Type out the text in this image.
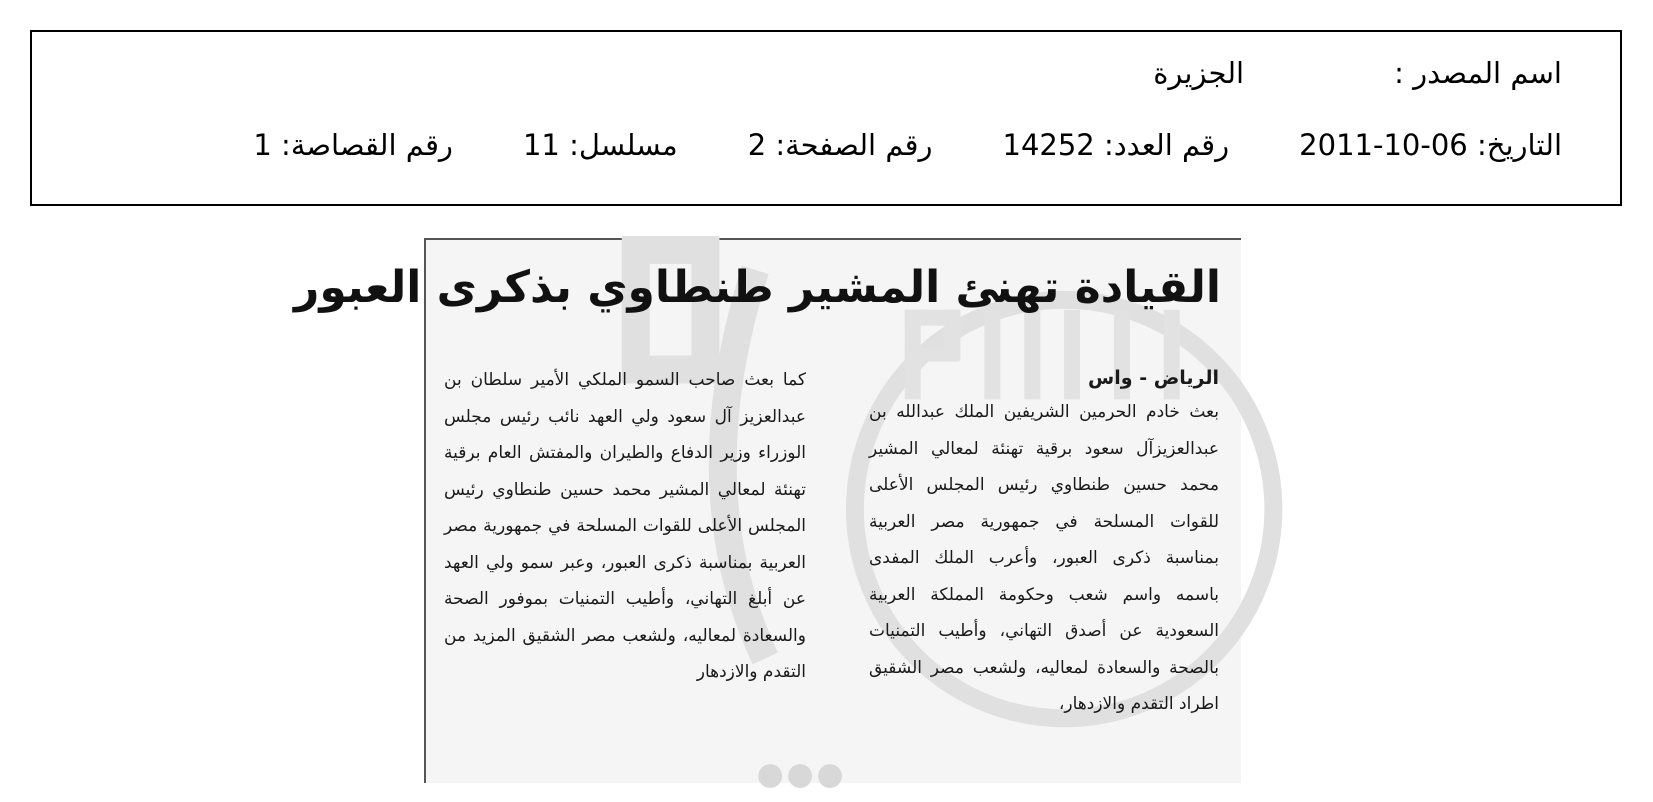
اسم المصدر :الجزيرة
التاريخ: 06-10-2011رقم العدد: 14252رقم الصفحة: 2مسلسل: 11رقم القصاصة: 1
القيادة تهنئ المشير طنطاوي بذكرى العبور
الرياض - واس
بعث خادم الحرمين الشريفين الملك عبدالله بن عبدالعزيزآل سعود برقية تهنئة لمعالي المشير محمد حسين طنطاوي رئيس المجلس الأعلى للقوات المسلحة في جمهورية مصر العربية بمناسبة ذكرى العبور، وأعرب الملك المفدى باسمه واسم شعب وحكومة المملكة العربية السعودية عن أصدق التهاني، وأطيب التمنيات بالصحة والسعادة لمعاليه، ولشعب مصر الشقيق اطراد التقدم والازدهار،
كما بعث صاحب السمو الملكي الأمير سلطان بن عبدالعزيز آل سعود ولي العهد نائب رئيس مجلس الوزراء وزير الدفاع والطيران والمفتش العام برقية تهنئة لمعالي المشير محمد حسين طنطاوي رئيس المجلس الأعلى للقوات المسلحة في جمهورية مصر العربية بمناسبة ذكرى العبور، وعبر سمو ولي العهد عن أبلغ التهاني، وأطيب التمنيات بموفور الصحة والسعادة لمعاليه، ولشعب مصر الشقيق المزيد من التقدم والازدهار
